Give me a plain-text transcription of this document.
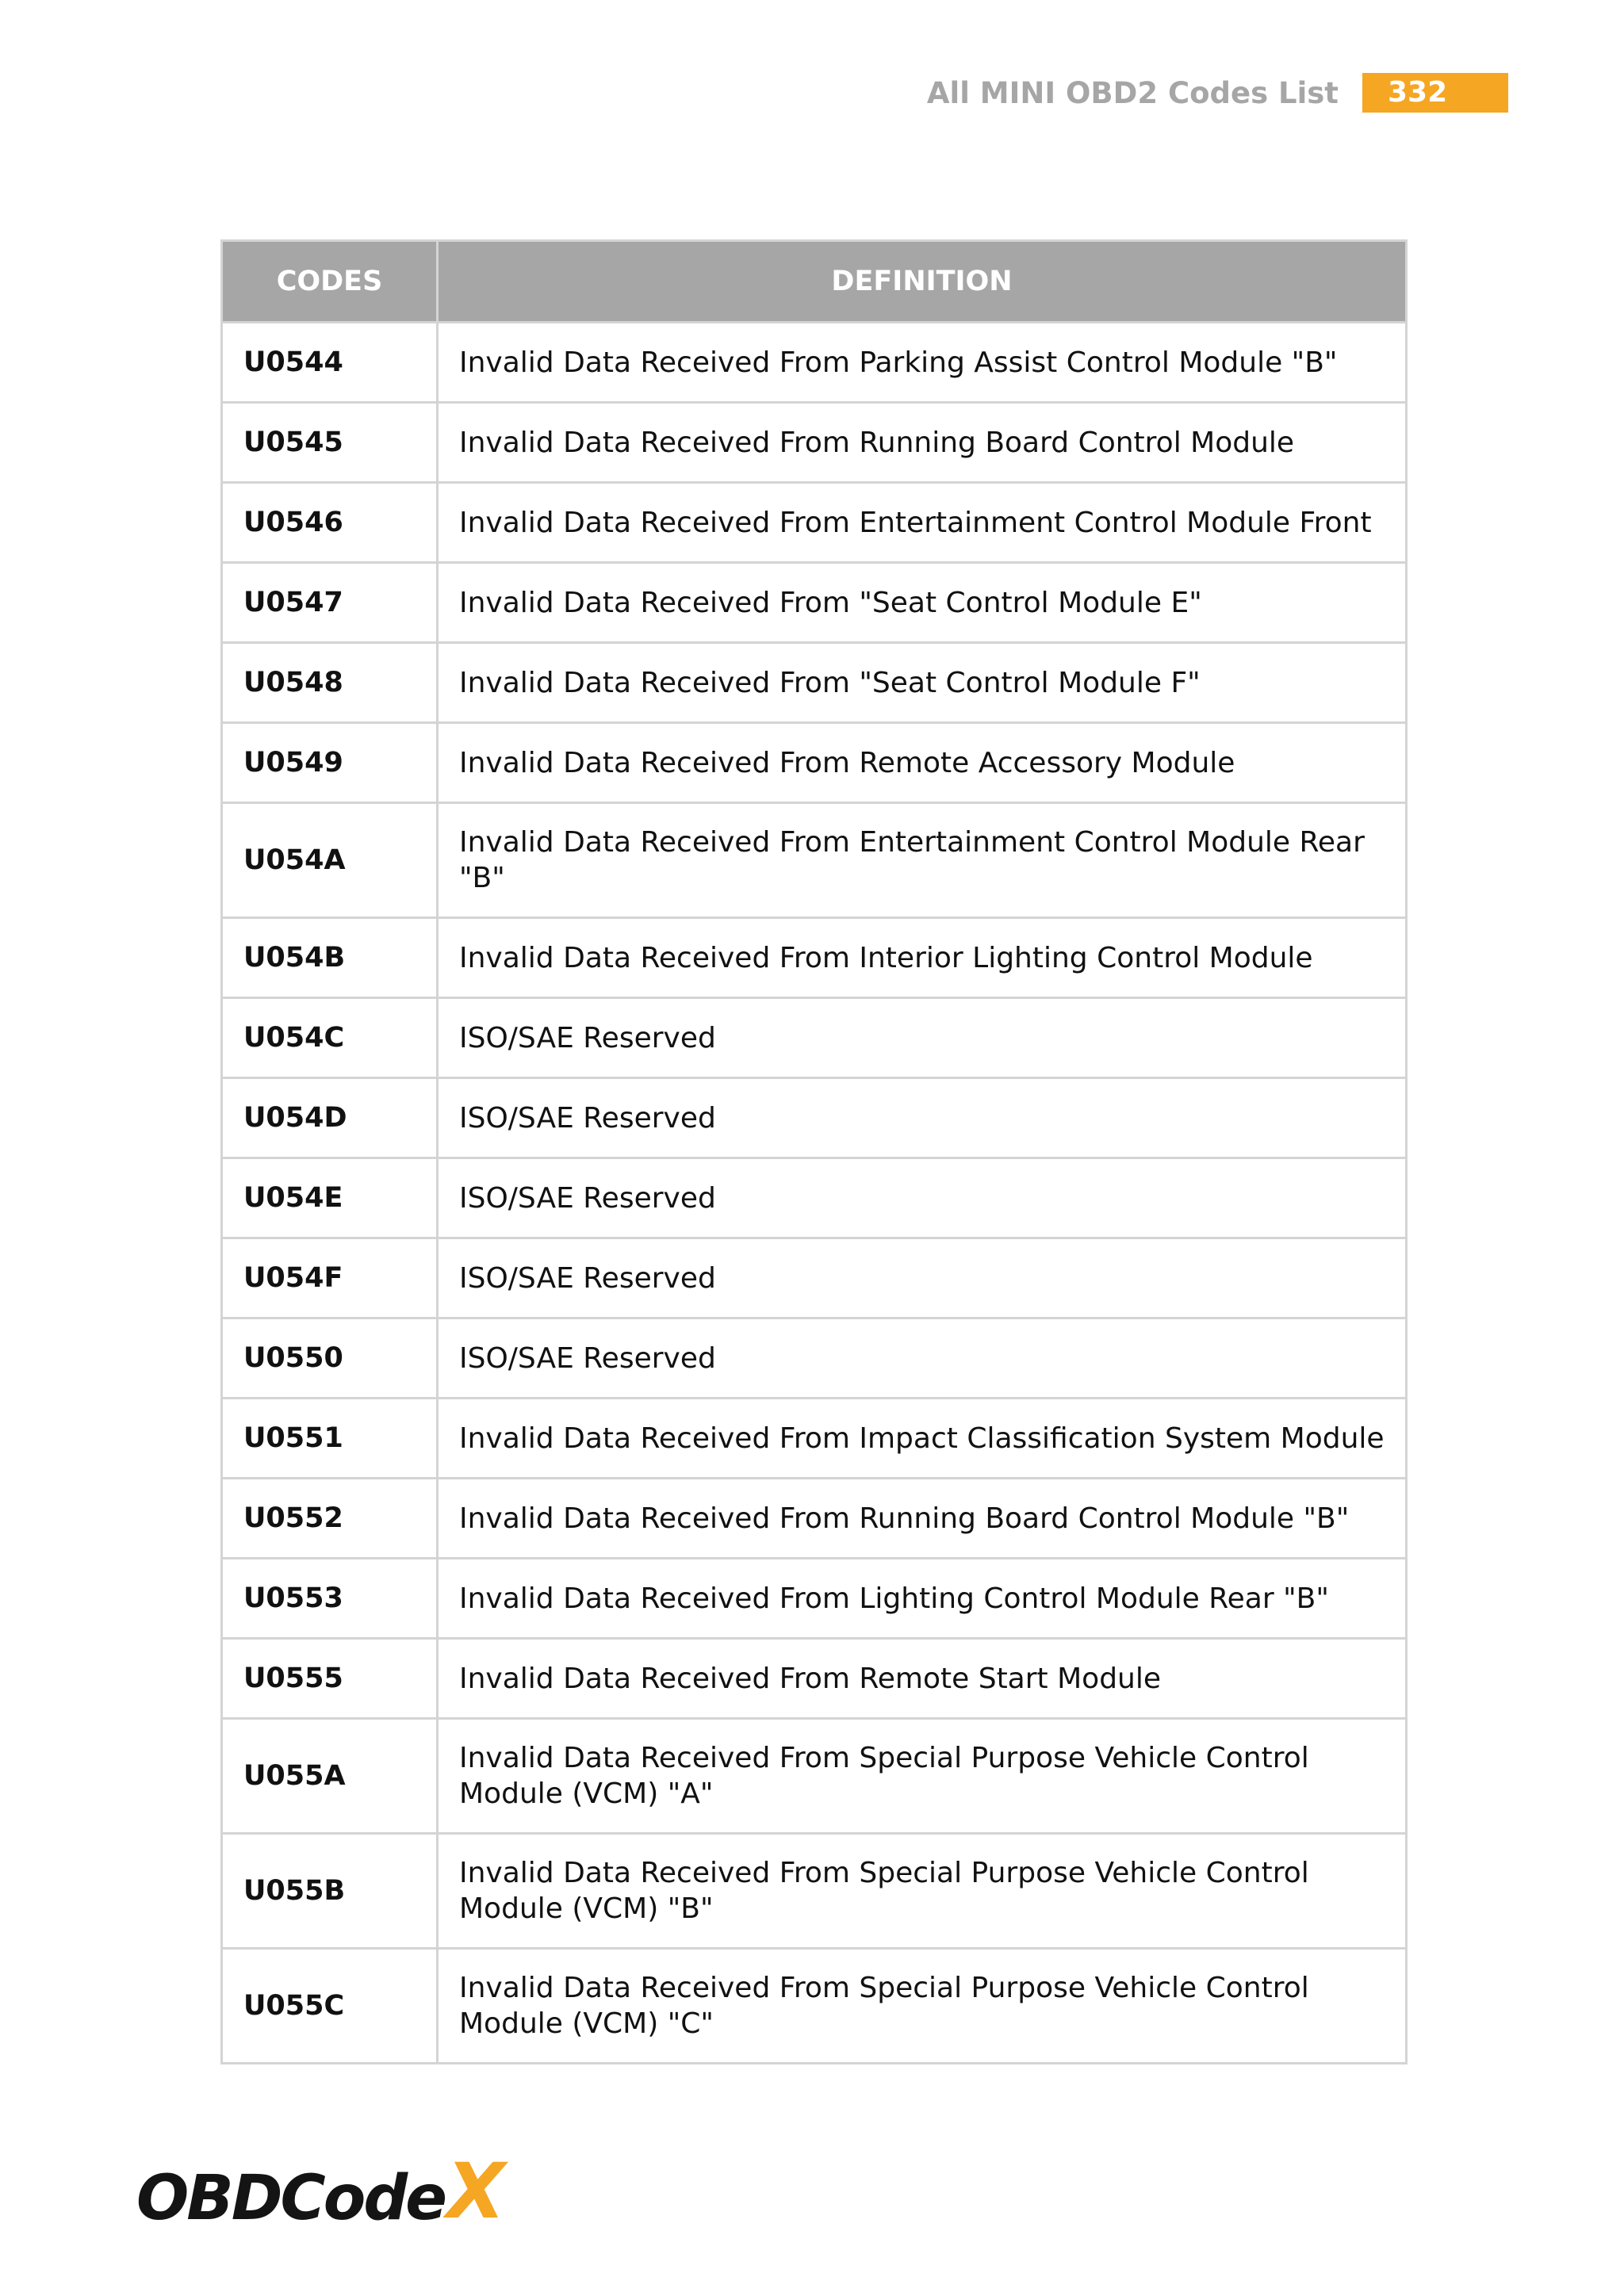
All MINI OBD2 Codes List	332
CODES	DEFINITION
U0544	Invalid Data Received From Parking Assist Control Module "B"
U0545	Invalid Data Received From Running Board Control Module
U0546	Invalid Data Received From Entertainment Control Module Front
U0547	Invalid Data Received From "Seat Control Module E"
U0548	Invalid Data Received From "Seat Control Module F"
U0549	Invalid Data Received From Remote Accessory Module
U054A	Invalid Data Received From Entertainment Control Module Rear "B"
U054B	Invalid Data Received From Interior Lighting Control Module
U054C	ISO/SAE Reserved
U054D	ISO/SAE Reserved
U054E	ISO/SAE Reserved
U054F	ISO/SAE Reserved
U0550	ISO/SAE Reserved
U0551	Invalid Data Received From Impact Classification System Module
U0552	Invalid Data Received From Running Board Control Module "B"
U0553	Invalid Data Received From Lighting Control Module Rear "B"
U0555	Invalid Data Received From Remote Start Module
U055A	Invalid Data Received From Special Purpose Vehicle Control Module (VCM) "A"
U055B	Invalid Data Received From Special Purpose Vehicle Control Module (VCM) "B"
U055C	Invalid Data Received From Special Purpose Vehicle Control Module (VCM) "C"
OBDCode X
